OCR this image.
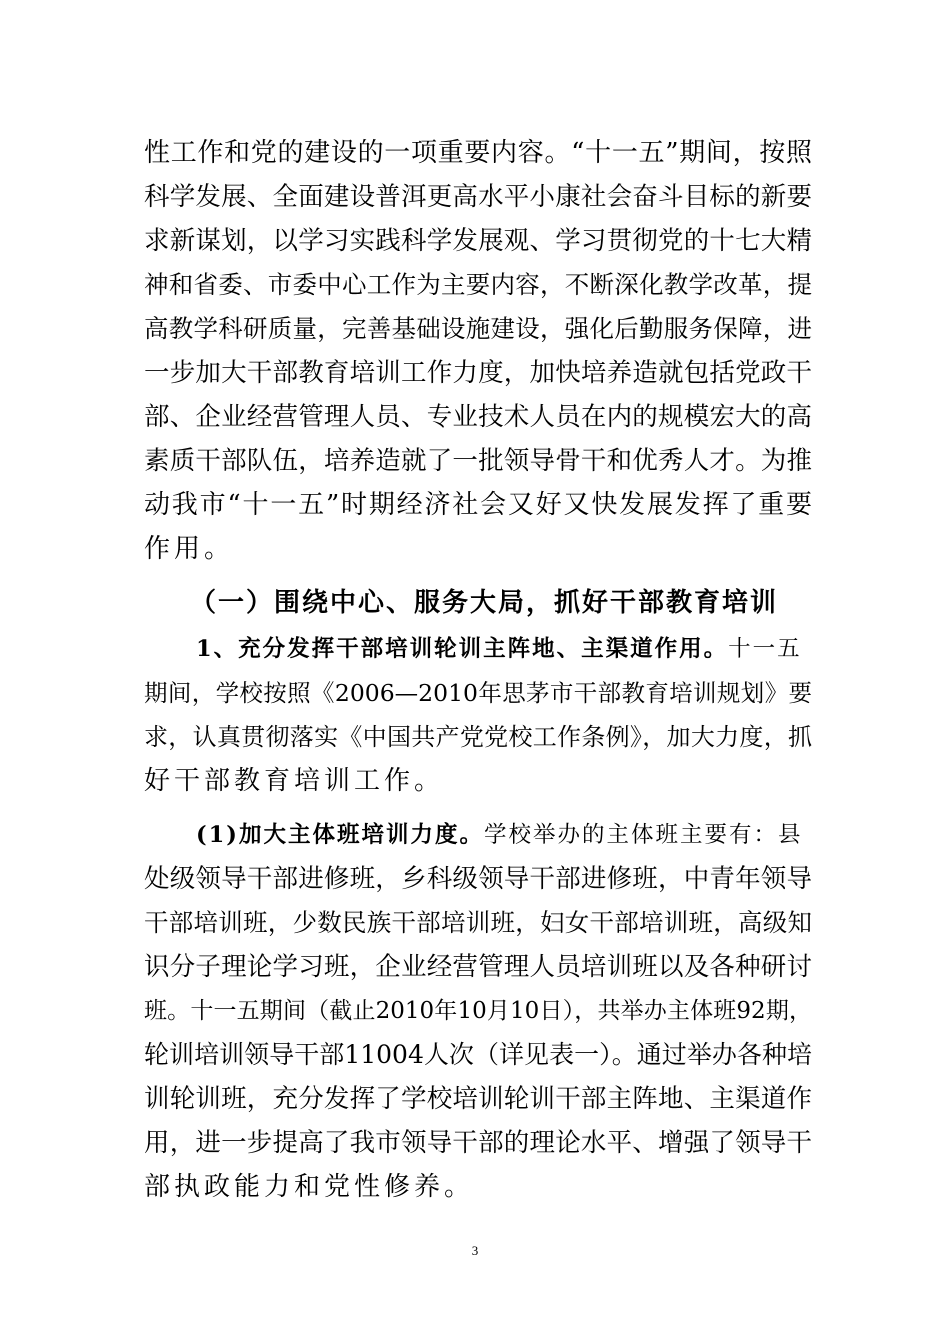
性工作和党的建设的一项重要内容。“十一五”期间，按照
科学发展、全面建设普洱更高水平小康社会奋斗目标的新要
求新谋划，以学习实践科学发展观、学习贯彻党的十七大精
神和省委、市委中心工作为主要内容，不断深化教学改革，提
高教学科研质量，完善基础设施建设，强化后勤服务保障，进
一步加大干部教育培训工作力度，加快培养造就包括党政干
部、企业经营管理人员、专业技术人员在内的规模宏大的高
素质干部队伍，培养造就了一批领导骨干和优秀人才。为推
动我市“十一五”时期经济社会又好又快发展发挥了重要
作用。
（一）围绕中心、服务大局，抓好干部教育培训
1、充分发挥干部培训轮训主阵地、主渠道作用。十一五
期间，学校按照《2006—2010年思茅市干部教育培训规划》要
求，认真贯彻落实《中国共产党党校工作条例》，加大力度，抓
好干部教育培训工作。
(1)加大主体班培训力度。学校举办的主体班主要有：县
处级领导干部进修班，乡科级领导干部进修班，中青年领导
干部培训班，少数民族干部培训班，妇女干部培训班，高级知
识分子理论学习班，企业经营管理人员培训班以及各种研讨
班。十一五期间（截止2010年10月10日），共举办主体班92期，
轮训培训领导干部11004人次（详见表一）。通过举办各种培
训轮训班，充分发挥了学校培训轮训干部主阵地、主渠道作
用，进一步提高了我市领导干部的理论水平、增强了领导干
部执政能力和党性修养。
3
